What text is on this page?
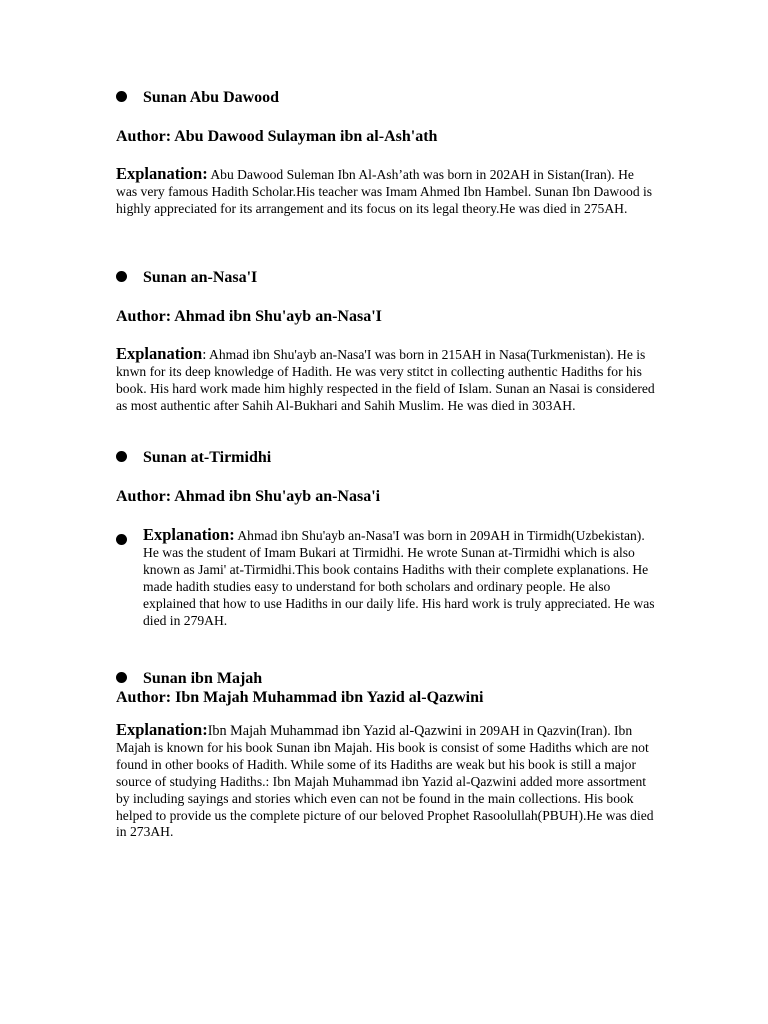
Sunan Abu Dawood
Author: Abu Dawood Sulayman ibn al-Ash'ath
Explanation: Abu Dawood Suleman Ibn Al-Ash’ath was born in 202AH in Sistan(Iran). He was very famous Hadith Scholar.His teacher was Imam Ahmed Ibn Hambel. Sunan Ibn Dawood is highly appreciated for its arrangement and its focus on its legal theory.He was died in 275AH.
Sunan an-Nasa'I
Author: Ahmad ibn Shu'ayb an-Nasa'I
Explanation: Ahmad ibn Shu'ayb an-Nasa'I was born in 215AH in Nasa(Turkmenistan). He is knwn for its deep knowledge of Hadith. He was very stitct in collecting authentic Hadiths for his book. His hard work made him highly respected in the field of Islam. Sunan an Nasai is considered as most authentic after Sahih Al-Bukhari and Sahih Muslim. He was died in 303AH.
Sunan at-Tirmidhi
Author: Ahmad ibn Shu'ayb an-Nasa'i
Explanation: Ahmad ibn Shu'ayb an-Nasa'I was born in 209AH in Tirmidh(Uzbekistan). He was the student of Imam Bukari at Tirmidhi. He wrote Sunan at-Tirmidhi which is also known as Jami' at-Tirmidhi.This book contains Hadiths with their complete explanations. He made hadith studies easy to understand for both scholars and ordinary people. He also explained that how to use Hadiths in our daily life. His hard work is truly appreciated. He was died in 279AH.
Sunan ibn Majah
Author: Ibn Majah Muhammad ibn Yazid al-Qazwini
Explanation:Ibn Majah Muhammad ibn Yazid al-Qazwini in 209AH in Qazvin(Iran). Ibn Majah is known for his book Sunan ibn Majah. His book is consist of some Hadiths which are not found in other books of Hadith. While some of its Hadiths are weak but his book is still a major source of studying Hadiths.: Ibn Majah Muhammad ibn Yazid al-Qazwini added more assortment by including sayings and stories which even can not be found in the main collections. His book helped to provide us the complete picture of our beloved Prophet Rasoolullah(PBUH).He was died in 273AH.
